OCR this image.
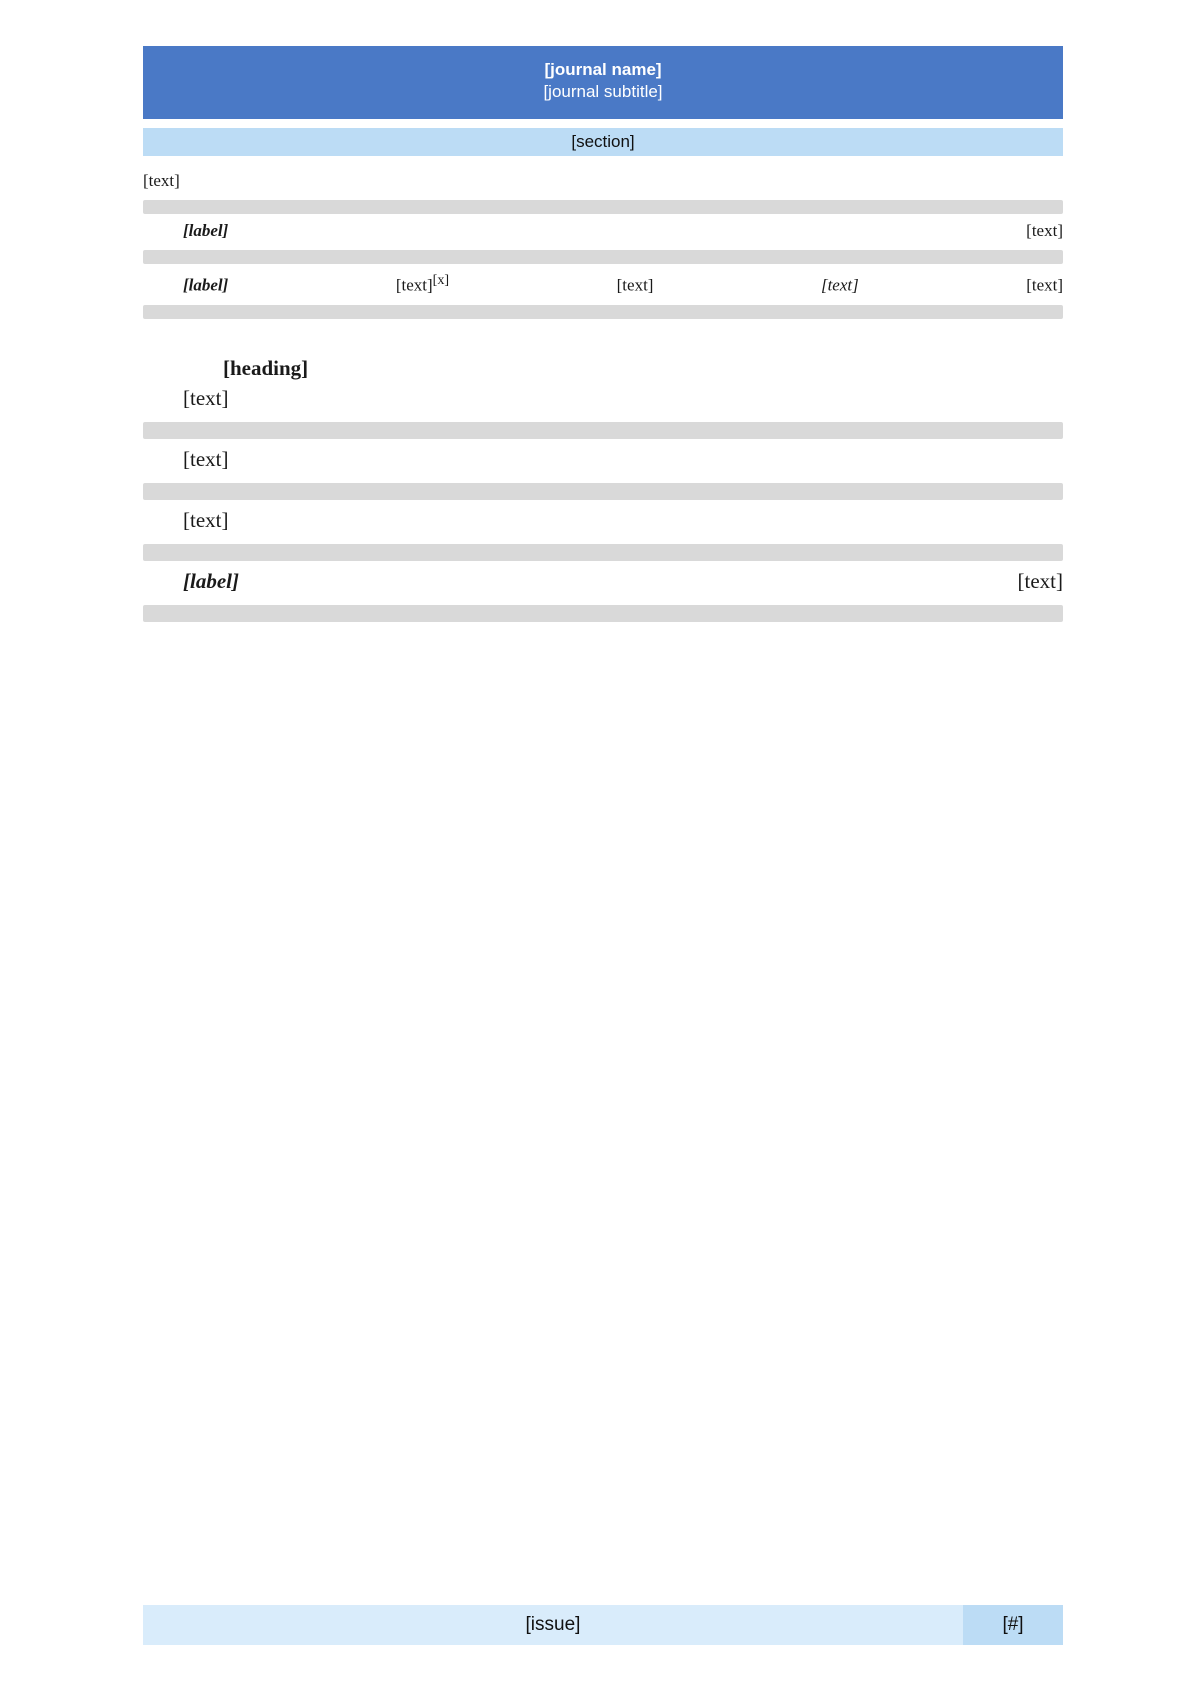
[journal name]
[journal subtitle]
[section]

[text]

[label]	[text]

[label]	[text][x]	[text]	[text]	[text]

[heading]

[text]

[text]

[text]

[label]	[text]

[issue]	[#]
